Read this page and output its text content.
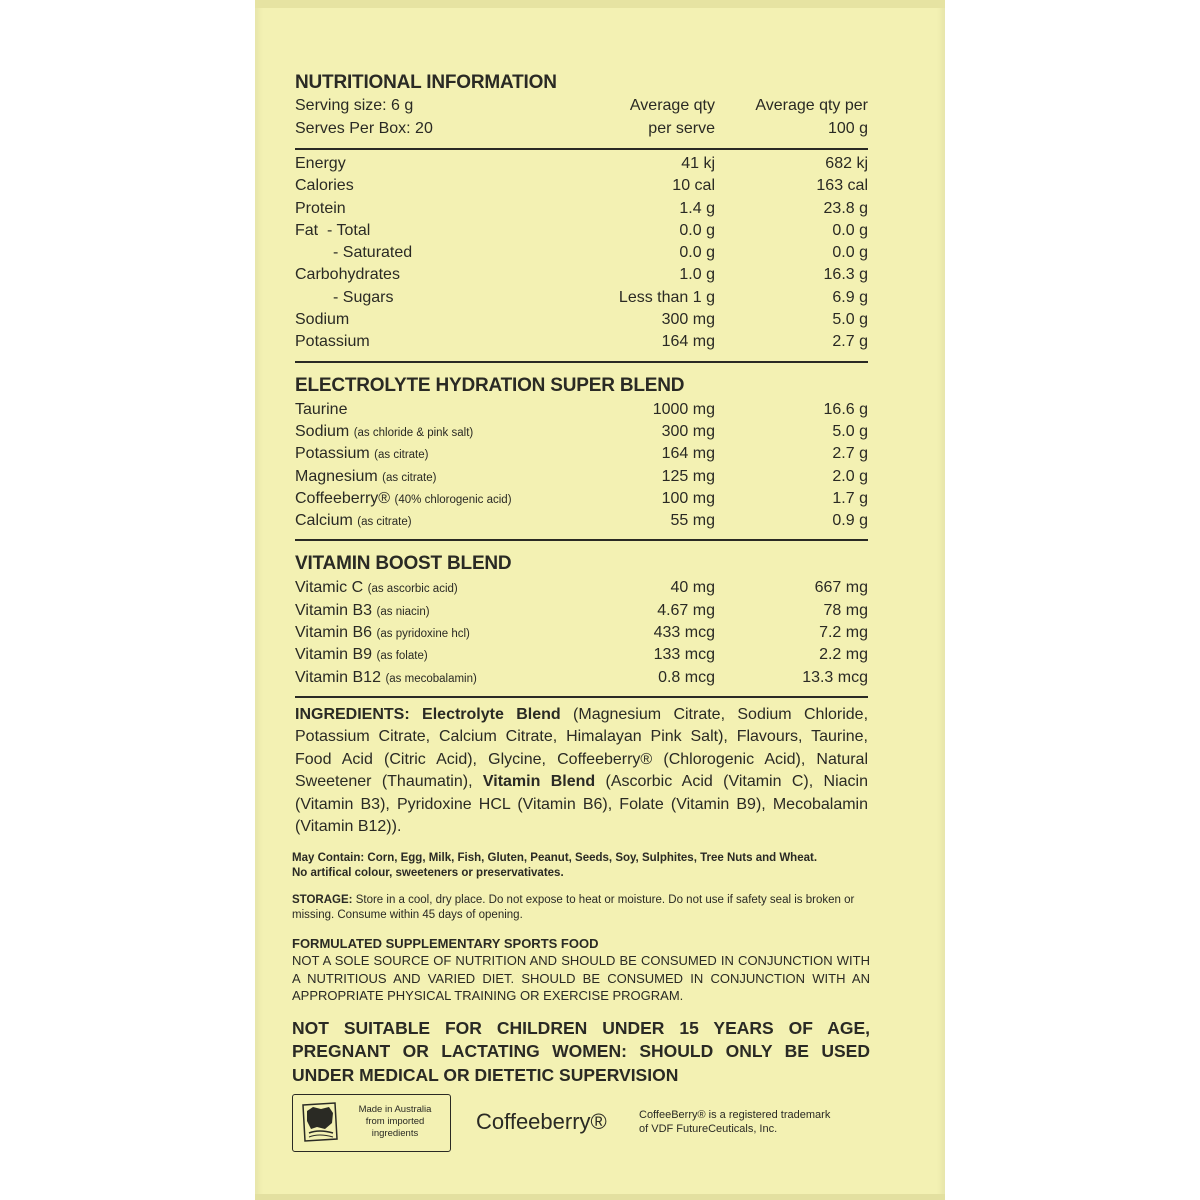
NUTRITIONAL INFORMATION
Serving size: 6 g	Average qty	Average qty per
Serves Per Box: 20	per serve	100 g
Energy	41 kj	682 kj
Calories	10 cal	163 cal
Protein	1.4 g	23.8 g
Fat  - Total	0.0 g	0.0 g
- Saturated	0.0 g	0.0 g
Carbohydrates	1.0 g	16.3 g
- Sugars	Less than 1 g	6.9 g
Sodium	300 mg	5.0 g
Potassium	164 mg	2.7 g
ELECTROLYTE HYDRATION SUPER BLEND
Taurine	1000 mg	16.6 g
Sodium (as chloride & pink salt)	300 mg	5.0 g
Potassium (as citrate)	164 mg	2.7 g
Magnesium (as citrate)	125 mg	2.0 g
Coffeeberry® (40% chlorogenic acid)	100 mg	1.7 g
Calcium (as citrate)	55 mg	0.9 g
VITAMIN BOOST BLEND
Vitamic C (as ascorbic acid)	40 mg	667 mg
Vitamin B3 (as niacin)	4.67 mg	78 mg
Vitamin B6 (as pyridoxine hcl)	433 mcg	7.2 mg
Vitamin B9 (as folate)	133 mcg	2.2 mg
Vitamin B12 (as mecobalamin)	0.8 mcg	13.3 mcg
INGREDIENTS: Electrolyte Blend (Magnesium Citrate, Sodium Chloride, Potassium Citrate, Calcium Citrate, Himalayan Pink Salt), Flavours, Taurine, Food Acid (Citric Acid), Glycine, Coffeeberry® (Chlorogenic Acid), Natural Sweetener (Thaumatin), Vitamin Blend (Ascorbic Acid (Vitamin C), Niacin (Vitamin B3), Pyridoxine HCL (Vitamin B6), Folate (Vitamin B9), Mecobalamin (Vitamin B12)).
May Contain: Corn, Egg, Milk, Fish, Gluten, Peanut, Seeds, Soy, Sulphites, Tree Nuts and Wheat.
No artifical colour, sweeteners or preservativates.
STORAGE: Store in a cool, dry place. Do not expose to heat or moisture. Do not use if safety seal is broken or missing. Consume within 45 days of opening.
FORMULATED SUPPLEMENTARY SPORTS FOOD
NOT A SOLE SOURCE OF NUTRITION AND SHOULD BE CONSUMED IN CONJUNCTION WITH A NUTRITIOUS AND VARIED DIET. SHOULD BE CONSUMED IN CONJUNCTION WITH AN APPROPRIATE PHYSICAL TRAINING OR EXERCISE PROGRAM.
NOT SUITABLE FOR CHILDREN UNDER 15 YEARS OF AGE, PREGNANT OR LACTATING WOMEN: SHOULD ONLY BE USED UNDER MEDICAL OR DIETETIC SUPERVISION
Made in Australia
from imported
ingredients	Coffeeberry®	CoffeeBerry® is a registered trademark
of VDF FutureCeuticals, Inc.
